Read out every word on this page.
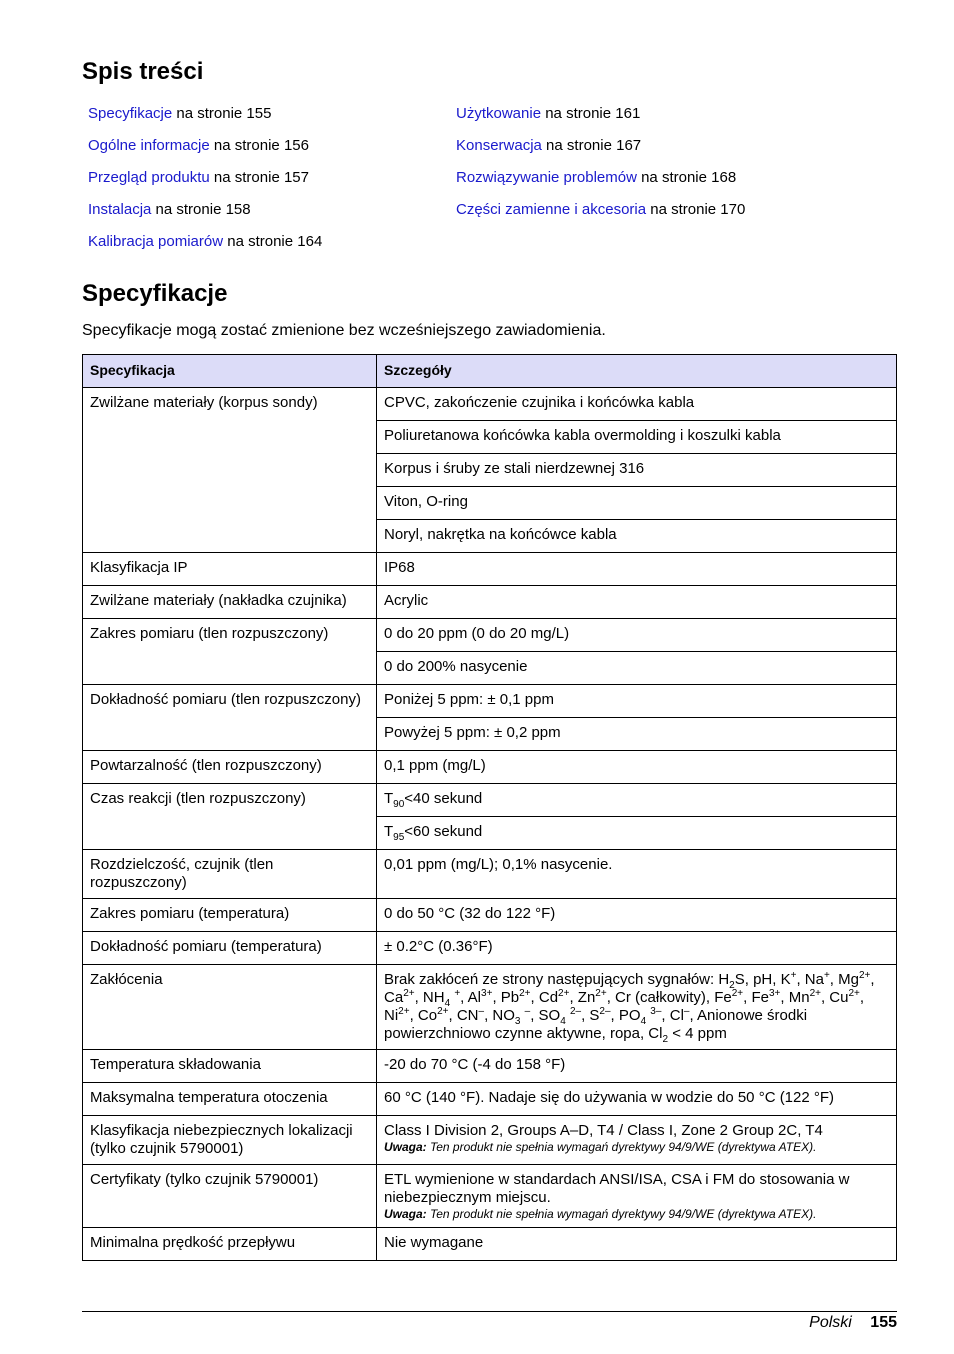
Spis treści
Specyfikacje na stronie 155
Ogólne informacje na stronie 156
Przegląd produktu na stronie 157
Instalacja na stronie 158
Kalibracja pomiarów na stronie 164
Użytkowanie na stronie 161
Konserwacja na stronie 167
Rozwiązywanie problemów na stronie 168
Części zamienne i akcesoria na stronie 170
Specyfikacje
Specyfikacje mogą zostać zmienione bez wcześniejszego zawiadomienia.
Specyfikacja	Szczegóły
Zwilżane materiały (korpus sondy)	CPVC, zakończenie czujnika i końcówka kabla

	Poliuretanowa końcówka kabla overmolding i koszulki kabla

	Korpus i śruby ze stali nierdzewnej 316

	Viton, O-ring

	Noryl, nakrętka na końcówce kabla

Klasyfikacja IP	IP68

Zwilżane materiały (nakładka czujnika)	Acrylic

Zakres pomiaru (tlen rozpuszczony)	0 do 20 ppm (0 do 20 mg/L)

	0 do 200% nasycenie

Dokładność pomiaru (tlen rozpuszczony)	Poniżej 5 ppm: ± 0,1 ppm

	Powyżej 5 ppm: ± 0,2 ppm

Powtarzalność (tlen rozpuszczony)	0,1 ppm (mg/L)

Czas reakcji (tlen rozpuszczony)	$T_{90}<40$ sekund

	$T_{95}<60$ sekund

Rozdzielczość, czujnik (tlen rozpuszczony)	0,01 ppm (mg/L); 0,1% nasycenie.

Zakres pomiaru (temperatura)	0 do 50 °C (32 do 122 °F)

Dokładność pomiaru (temperatura)	± 0.2°C (0.36°F)

Zakłócenia	Brak zakłóceń ze strony następujących sygnałów: $H_2S$, pH, K+, Na+, $Mg^{2+}$, $Ca^{2+}$, $NH_4$ +, $Al^{3+}$, $Pb^{2+}$, $Cd^{2+}$, $Zn^{2+}$, Cr (całkowity), $Fe^{2+}$, $Fe^{3+}$, $Mn^{2+}$, $Cu^{2+}$, $Ni^{2+}$, $Co^{2+}$, CN–, $NO_3$ –, $SO_4$ $^{2-}$, $S^{2-}$, $PO_4$ $^{3-}$, Cl–, Anionowe środki powierzchniowo czynne aktywne, ropa, $Cl_2 < 4$ ppm

Temperatura składowania	-20 do 70 °C (-4 do 158 °F)

Maksymalna temperatura otoczenia	60 °C (140 °F). Nadaje się do używania w wodzie do 50 °C (122 °F)

Klasyfikacja niebezpiecznych lokalizacji (tylko czujnik 5790001)	Class I Division 2, Groups A–D, T4 / Class I, Zone 2 Group 2C, T4
Uwaga: Ten produkt nie spełnia wymagań dyrektywy 94/9/WE (dyrektywa ATEX).

Certyfikaty (tylko czujnik 5790001)	ETL wymienione w standardach ANSI/ISA, CSA i FM do stosowania w niebezpiecznym miejscu.
Uwaga: Ten produkt nie spełnia wymagań dyrektywy 94/9/WE (dyrektywa ATEX).

Minimalna prędkość przepływu	Nie wymagane
Polski 155
